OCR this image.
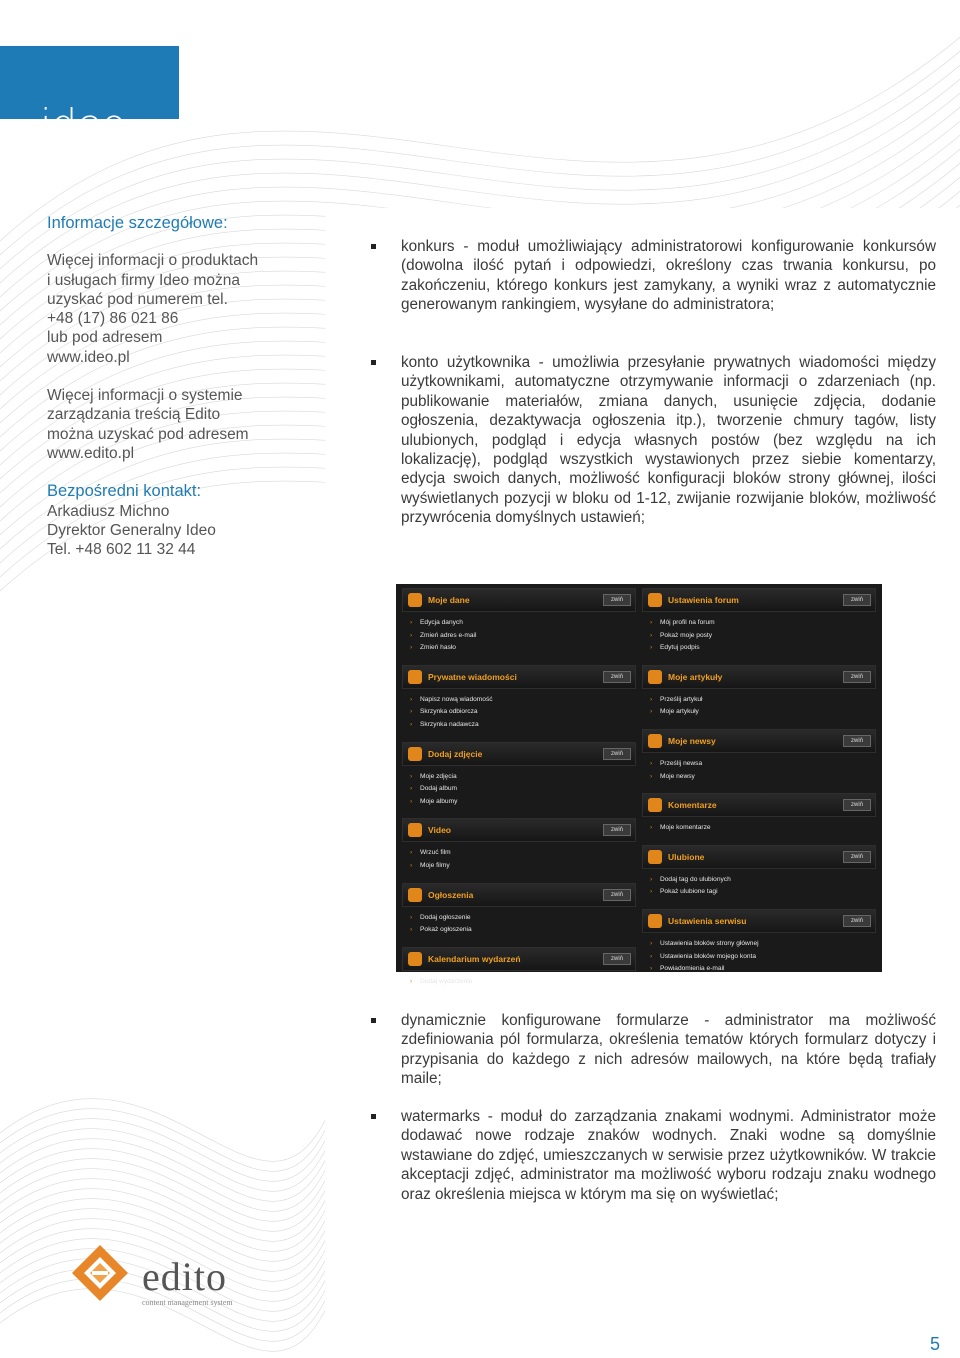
ideo
Informacje szczegółowe:

Więcej informacji o produktach
i usługach firmy Ideo można
uzyskać pod numerem tel.
+48 (17) 86 021 86
lub pod adresem
www.ideo.pl

Więcej informacji o systemie
zarządzania treścią Edito
można uzyskać pod adresem
www.edito.pl

Bezpośredni kontakt:
Arkadiusz Michno
Dyrektor Generalny Ideo
Tel. +48 602 11 32 44
konkurs - moduł umożliwiający administratorowi konfigurowanie konkursów (dowolna ilość pytań i odpowiedzi, określony czas trwania konkursu, po zakończeniu, którego konkurs jest zamykany, a wyniki wraz z automatycznie generowanym rankingiem, wysyłane do administratora;
konto użytkownika - umożliwia przesyłanie prywatnych wiadomości między użytkownikami, automatyczne otrzymywanie informacji o zdarzeniach (np. publikowanie materiałów, zmiana danych, usunięcie zdjęcia, dodanie ogłoszenia, dezaktywacja ogłoszenia itp.), tworzenie chmury tagów, listy ulubionych, podgląd i edycja własnych postów (bez względu na ich lokalizację), podgląd wszystkich wystawionych przez siebie komentarzy, edycja swoich danych, możliwość konfiguracji bloków strony głównej, ilości wyświetlanych pozycji w bloku od 1-12, zwijanie rozwijanie bloków, możliwość przywrócenia domyślnych ustawień;
Moje dane	zwiń
› Edycja danych
› Zmień adres e-mail
› Zmień hasło
Prywatne wiadomości	zwiń
› Napisz nową wiadomość
› Skrzynka odbiorcza
› Skrzynka nadawcza
Dodaj zdjęcie	zwiń
› Moje zdjęcia
› Dodaj album
› Moje albumy
Video	zwiń
› Wrzuć film
› Moje filmy
Ogłoszenia	zwiń
› Dodaj ogłoszenie
› Pokaż ogłoszenia
Kalendarium wydarzeń	zwiń
› Dodaj wydarzenie
Ustawienia forum	zwiń
› Mój profil na forum
› Pokaż moje posty
› Edytuj podpis
Moje artykuły	zwiń
› Prześlij artykuł
› Moje artykuły
Moje newsy	zwiń
› Prześlij newsa
› Moje newsy
Komentarze	zwiń
› Moje komentarze
Ulubione	zwiń
› Dodaj tag do ulubionych
› Pokaż ulubione tagi
Ustawienia serwisu	zwiń
› Ustawienia bloków strony głównej
› Ustawienia bloków mojego konta
› Powiadomienia e-mail
dynamicznie konfigurowane formularze - administrator ma możliwość zdefiniowania pól formularza, określenia tematów których formularz dotyczy i przypisania do każdego z nich adresów mailowych, na które będą trafiały maile;
watermarks - moduł do zarządzania znakami wodnymi. Administrator może dodawać nowe rodzaje znaków wodnych. Znaki wodne są domyślnie wstawiane do zdjęć, umieszczanych w serwisie przez użytkowników. W trakcie akceptacji zdjęć, administrator ma możliwość wyboru rodzaju znaku wodnego oraz określenia miejsca w którym ma się on wyświetlać;
edito
content management system
5
